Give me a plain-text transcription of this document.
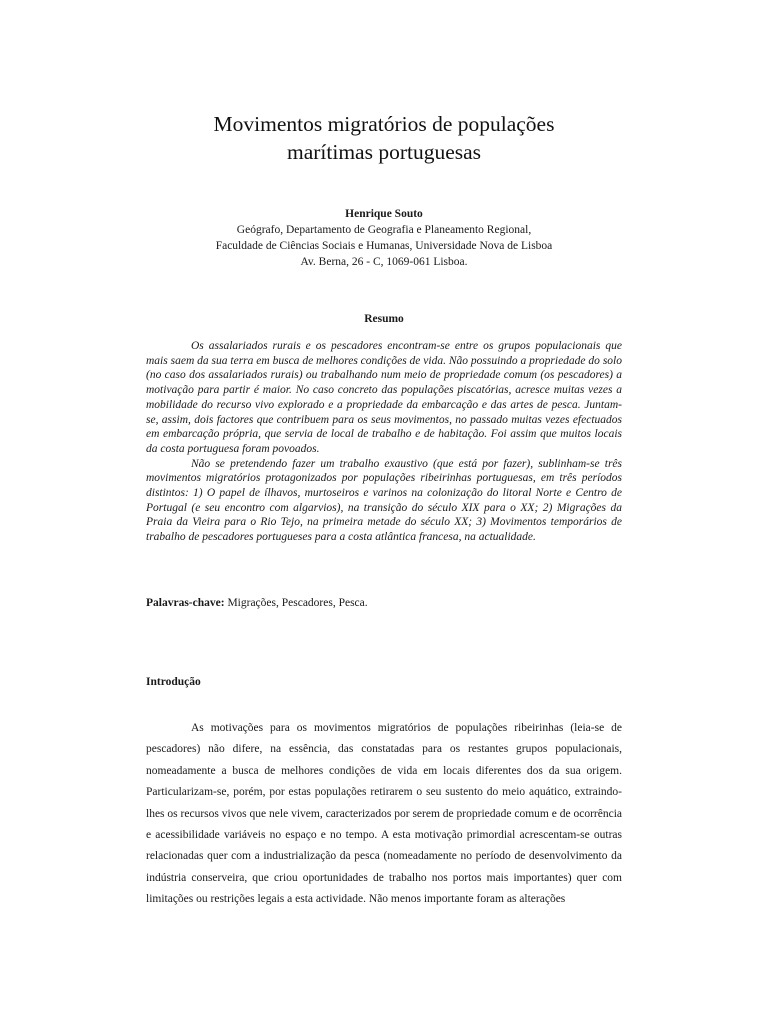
Movimentos migratórios de populações
marítimas portuguesas
Henrique Souto
Geógrafo, Departamento de Geografia e Planeamento Regional,
Faculdade de Ciências Sociais e Humanas, Universidade Nova de Lisboa
Av. Berna, 26 - C, 1069-061 Lisboa.
Resumo

Os assalariados rurais e os pescadores encontram-se entre os grupos populacionais que mais saem da sua terra em busca de melhores condições de vida. Não possuindo a propriedade do solo (no caso dos assalariados rurais) ou trabalhando num meio de propriedade comum (os pescadores) a motivação para partir é maior. No caso concreto das populações piscatórias, acresce muitas vezes a mobilidade do recurso vivo explorado e a propriedade da embarcação e das artes de pesca. Juntam-se, assim, dois factores que contribuem para os seus movimentos, no passado muitas vezes efectuados em embarcação própria, que servia de local de trabalho e de habitação. Foi assim que muitos locais da costa portuguesa foram povoados.

Não se pretendendo fazer um trabalho exaustivo (que está por fazer), sublinham-se três movimentos migratórios protagonizados por populações ribeirinhas portuguesas, em três períodos distintos: 1) O papel de ílhavos, murtoseiros e varinos na colonização do litoral Norte e Centro de Portugal (e seu encontro com algarvios), na transição do século XIX para o XX; 2) Migrações da Praia da Vieira para o Rio Tejo, na primeira metade do século XX; 3) Movimentos temporários de trabalho de pescadores portugueses para a costa atlântica francesa, na actualidade.

Palavras-chave: Migrações, Pescadores, Pesca.
Introdução

As motivações para os movimentos migratórios de populações ribeirinhas (leia-se de pescadores) não difere, na essência, das constatadas para os restantes grupos populacionais, nomeadamente a busca de melhores condições de vida em locais diferentes dos da sua origem. Particularizam-se, porém, por estas populações retirarem o seu sustento do meio aquático, extraindo-lhes os recursos vivos que nele vivem, caracterizados por serem de propriedade comum e de ocorrência e acessibilidade variáveis no espaço e no tempo. A esta motivação primordial acrescentam-se outras relacionadas quer com a industrialização da pesca (nomeadamente no período de desenvolvimento da indústria conserveira, que criou oportunidades de trabalho nos portos mais importantes) quer com limitações ou restrições legais a esta actividade. Não menos importante foram as alterações
